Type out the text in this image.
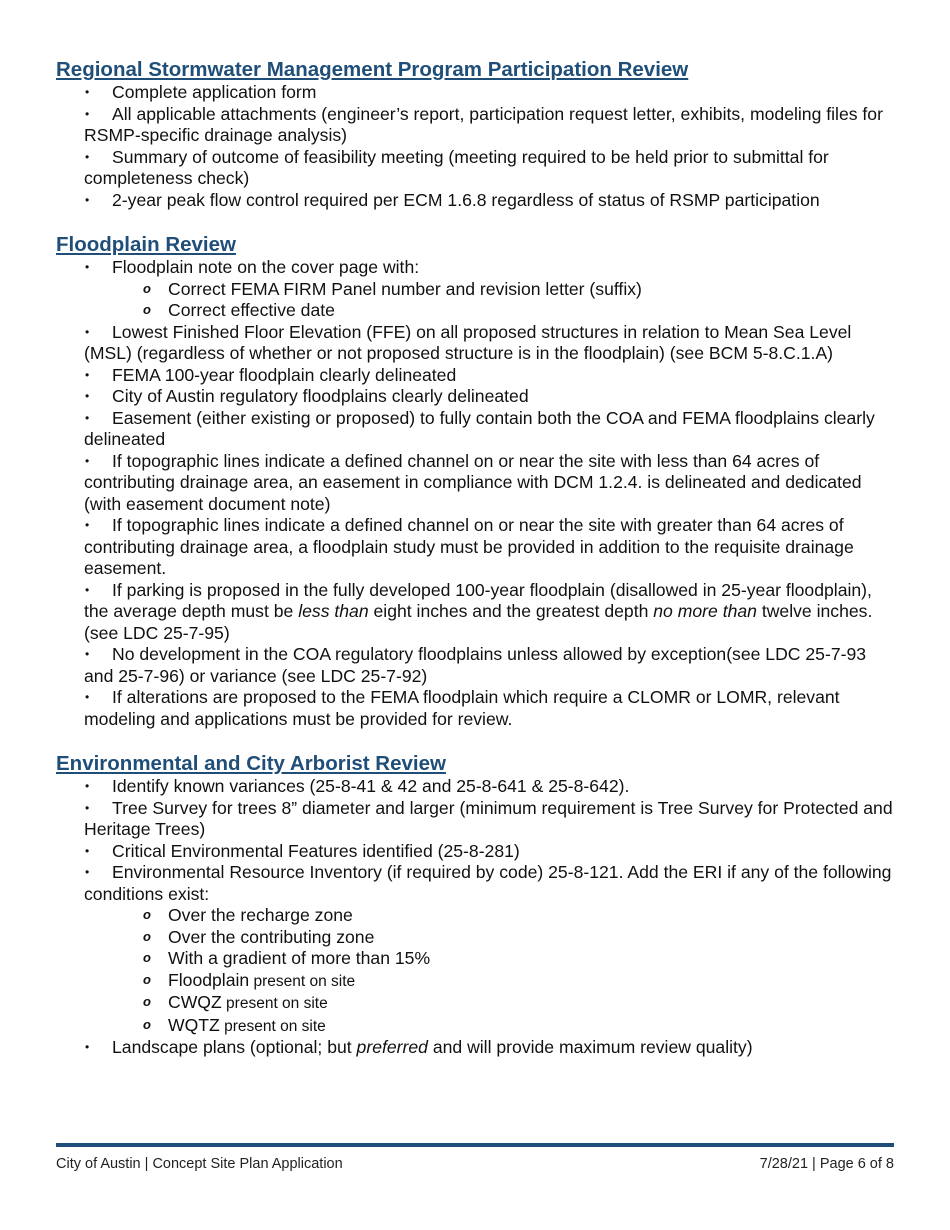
Regional Stormwater Management Program Participation Review
• Complete application form
• All applicable attachments (engineer’s report, participation request letter, exhibits, modeling files for RSMP-specific drainage analysis)
• Summary of outcome of feasibility meeting (meeting required to be held prior to submittal for completeness check)
• 2-year peak flow control required per ECM 1.6.8 regardless of status of RSMP participation
Floodplain Review
• Floodplain note on the cover page with:
o Correct FEMA FIRM Panel number and revision letter (suffix)
o Correct effective date
• Lowest Finished Floor Elevation (FFE) on all proposed structures in relation to Mean Sea Level (MSL) (regardless of whether or not proposed structure is in the floodplain) (see BCM 5-8.C.1.A)
• FEMA 100-year floodplain clearly delineated
• City of Austin regulatory floodplains clearly delineated
• Easement (either existing or proposed) to fully contain both the COA and FEMA floodplains clearly delineated
• If topographic lines indicate a defined channel on or near the site with less than 64 acres of contributing drainage area, an easement in compliance with DCM 1.2.4. is delineated and dedicated (with easement document note)
• If topographic lines indicate a defined channel on or near the site with greater than 64 acres of contributing drainage area, a floodplain study must be provided in addition to the requisite drainage easement.
• If parking is proposed in the fully developed 100-year floodplain (disallowed in 25-year floodplain), the average depth must be less than eight inches and the greatest depth no more than twelve inches. (see LDC 25-7-95)
• No development in the COA regulatory floodplains unless allowed by exception(see LDC 25-7-93 and 25-7-96) or variance (see LDC 25-7-92)
• If alterations are proposed to the FEMA floodplain which require a CLOMR or LOMR, relevant modeling and applications must be provided for review.
Environmental and City Arborist Review
• Identify known variances (25-8-41 & 42 and 25-8-641 & 25-8-642).
• Tree Survey for trees 8” diameter and larger (minimum requirement is Tree Survey for Protected and Heritage Trees)
• Critical Environmental Features identified (25-8-281)
• Environmental Resource Inventory (if required by code) 25-8-121. Add the ERI if any of the following conditions exist:
o Over the recharge zone
o Over the contributing zone
o With a gradient of more than 15%
o Floodplain present on site
o CWQZ present on site
o WQTZ present on site
• Landscape plans (optional; but preferred and will provide maximum review quality)
City of Austin | Concept Site Plan Application	7/28/21 | Page 6 of 8
